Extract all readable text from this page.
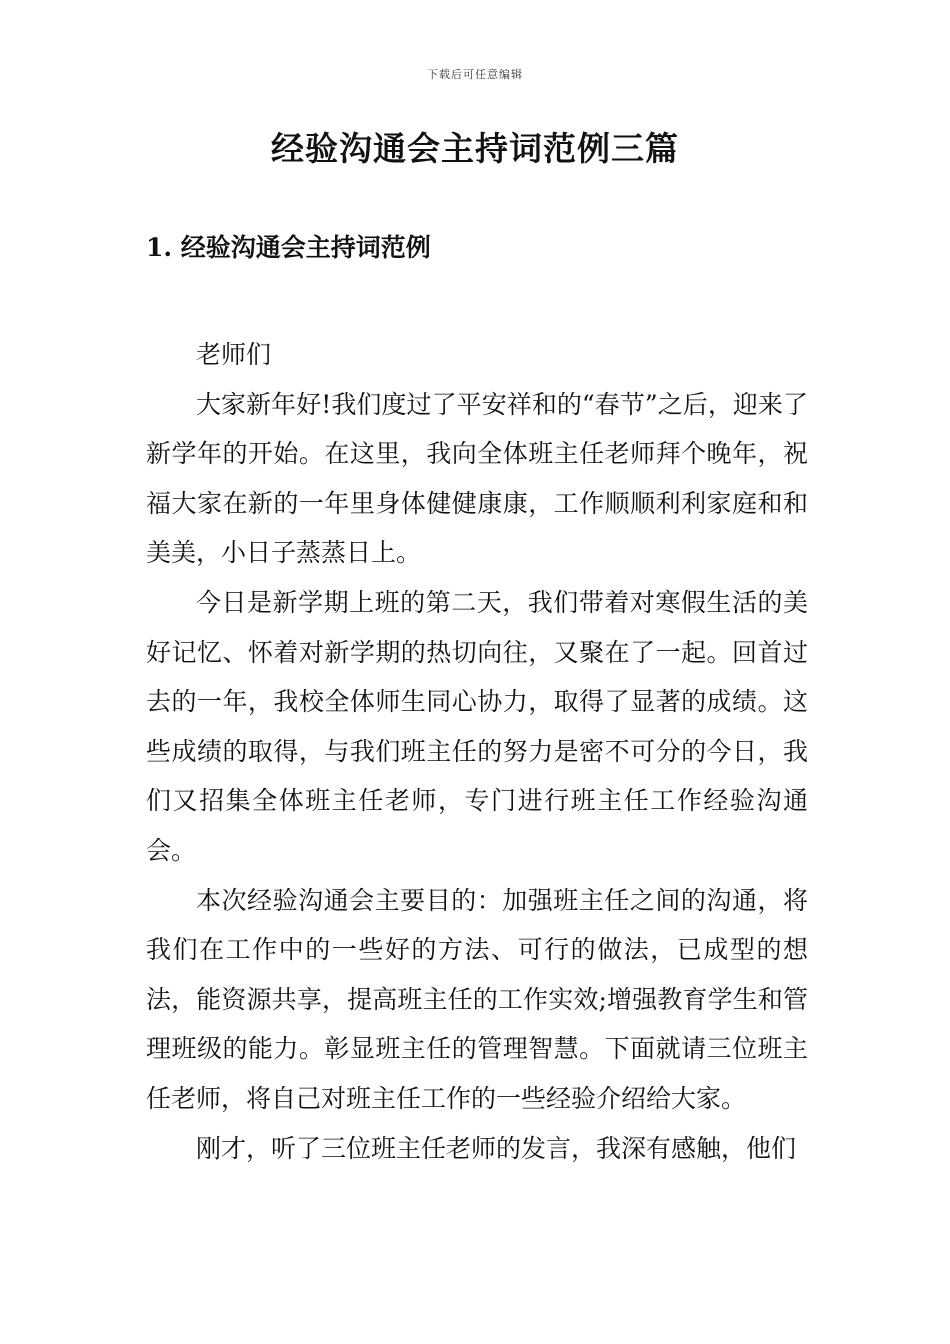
下载后可任意编辑
经验沟通会主持词范例三篇
1. 经验沟通会主持词范例

老师们

大家新年好!我们度过了平安祥和的“春节”之后，迎来了新学年的开始。在这里，我向全体班主任老师拜个晚年，祝福大家在新的一年里身体健健康康，工作顺顺利利家庭和和美美，小日子蒸蒸日上。

今日是新学期上班的第二天，我们带着对寒假生活的美好记忆、怀着对新学期的热切向往，又聚在了一起。回首过去的一年，我校全体师生同心协力，取得了显著的成绩。这些成绩的取得，与我们班主任的努力是密不可分的今日，我们又招集全体班主任老师，专门进行班主任工作经验沟通会。

本次经验沟通会主要目的：加强班主任之间的沟通，将我们在工作中的一些好的方法、可行的做法，已成型的想法，能资源共享，提高班主任的工作实效;增强教育学生和管理班级的能力。彰显班主任的管理智慧。下面就请三位班主任老师，将自己对班主任工作的一些经验介绍给大家。

刚才，听了三位班主任老师的发言，我深有感触，他们
